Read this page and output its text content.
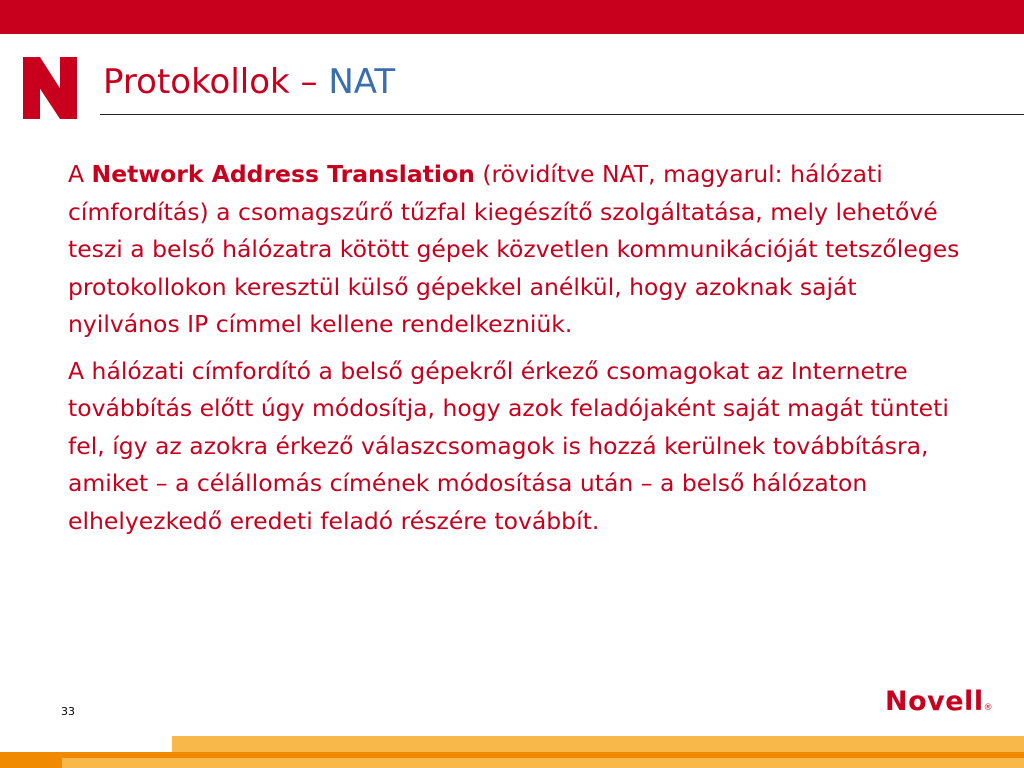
Protokollok – NAT

A Network Address Translation (rövidítve NAT, magyarul: hálózati címfordítás) a csomagszűrő tűzfal kiegészítő szolgáltatása, mely lehetővé teszi a belső hálózatra kötött gépek közvetlen kommunikációját tetszőleges protokollokon keresztül külső gépekkel anélkül, hogy azoknak saját nyilvános IP címmel kellene rendelkezniük.

A hálózati címfordító a belső gépekről érkező csomagokat az Internetre továbbítás előtt úgy módosítja, hogy azok feladójaként saját magát tünteti fel, így az azokra érkező válaszcsomagok is hozzá kerülnek továbbításra, amiket – a célállomás címének módosítása után – a belső hálózaton elhelyezkedő eredeti feladó részére továbbít.

33	Novell®
